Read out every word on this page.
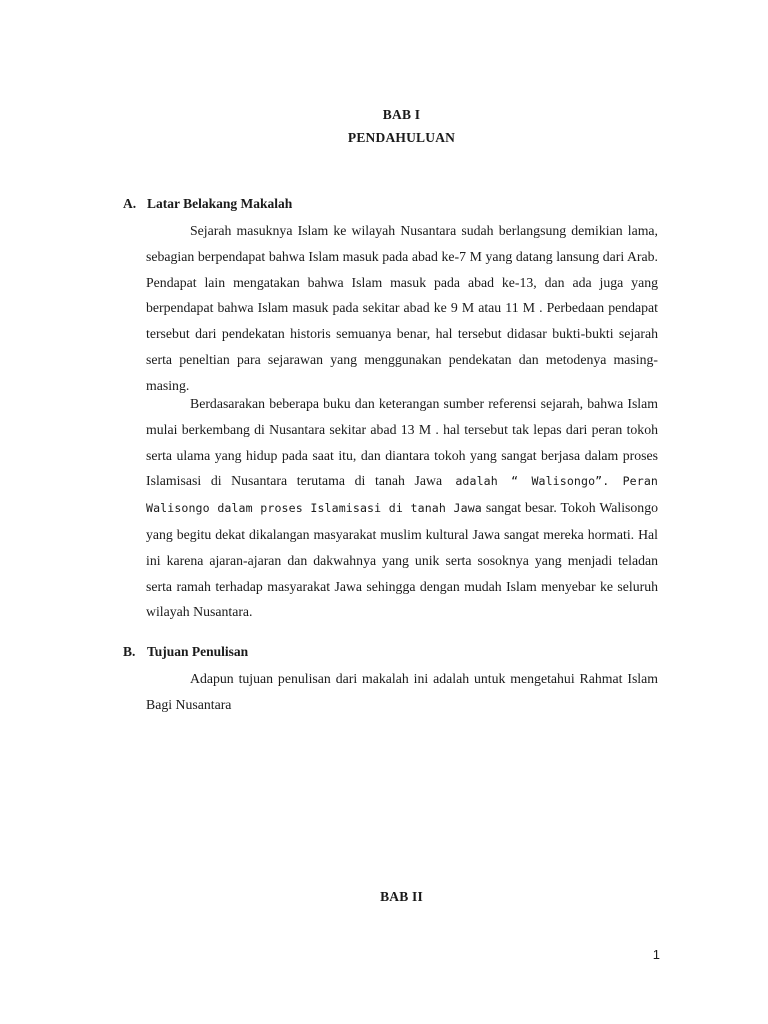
BAB I
PENDAHULUAN
A. Latar Belakang Makalah

Sejarah masuknya Islam ke wilayah Nusantara sudah berlangsung demikian lama, sebagian berpendapat bahwa Islam masuk pada abad ke-7 M yang datang lansung dari Arab. Pendapat lain mengatakan bahwa Islam masuk pada abad ke-13, dan ada juga yang berpendapat bahwa Islam masuk pada sekitar abad ke 9 M atau 11 M . Perbedaan pendapat tersebut dari pendekatan historis semuanya benar, hal tersebut didasar bukti-bukti sejarah serta peneltian para sejarawan yang menggunakan pendekatan dan metodenya masing-masing.

Berdasarakan beberapa buku dan keterangan sumber referensi sejarah, bahwa Islam mulai berkembang di Nusantara sekitar abad 13 M . hal tersebut tak lepas dari peran tokoh serta ulama yang hidup pada saat itu, dan diantara tokoh yang sangat berjasa dalam proses Islamisasi di Nusantara terutama di tanah Jawa adalah “ Walisongo”. Peran Walisongo dalam proses Islamisasi di tanah Jawa sangat besar. Tokoh Walisongo yang begitu dekat dikalangan masyarakat muslim kultural Jawa sangat mereka hormati. Hal ini karena ajaran-ajaran dan dakwahnya yang unik serta sosoknya yang menjadi teladan serta ramah terhadap masyarakat Jawa sehingga dengan mudah Islam menyebar ke seluruh wilayah Nusantara.

B. Tujuan Penulisan

Adapun tujuan penulisan dari makalah ini adalah untuk mengetahui Rahmat Islam Bagi Nusantara

BAB II
1
